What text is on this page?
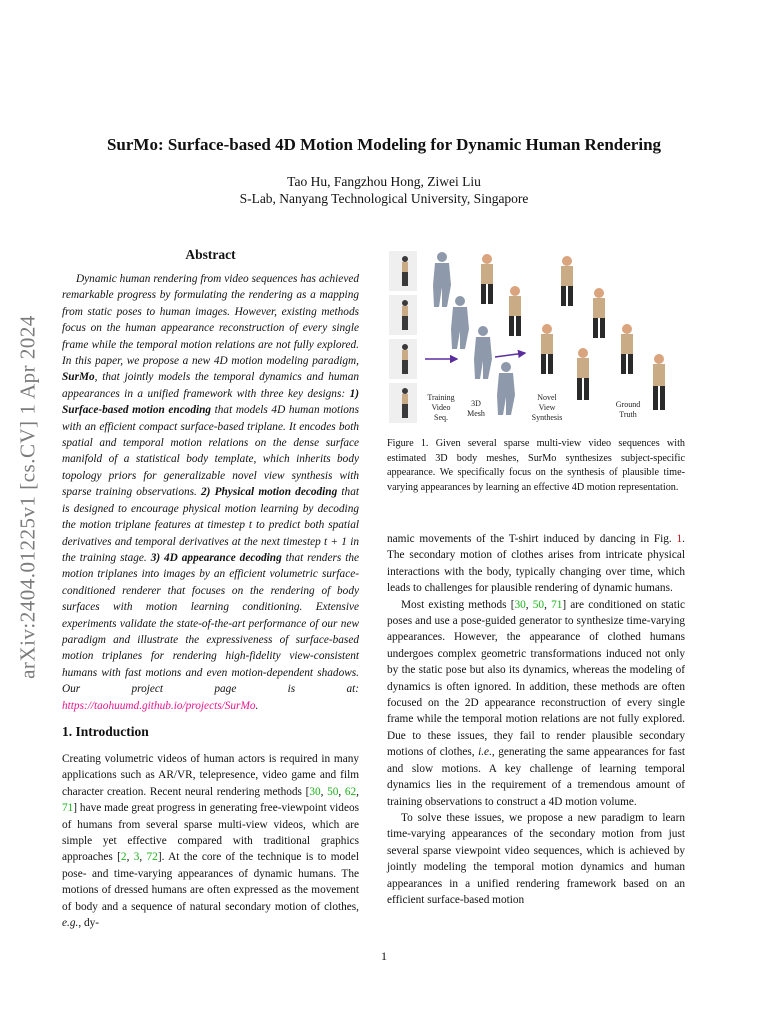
arXiv:2404.01225v1 [cs.CV] 1 Apr 2024
SurMo: Surface-based 4D Motion Modeling for Dynamic Human Rendering
Tao Hu, Fangzhou Hong, Ziwei Liu
S-Lab, Nanyang Technological University, Singapore
Abstract
Dynamic human rendering from video sequences has achieved remarkable progress by formulating the rendering as a mapping from static poses to human images. However, existing methods focus on the human appearance reconstruction of every single frame while the temporal motion relations are not fully explored. In this paper, we propose a new 4D motion modeling paradigm, SurMo, that jointly models the temporal dynamics and human appearances in a unified framework with three key designs: 1) Surface-based motion encoding that models 4D human motions with an efficient compact surface-based triplane. It encodes both spatial and temporal motion relations on the dense surface manifold of a statistical body template, which inherits body topology priors for generalizable novel view synthesis with sparse training observations. 2) Physical motion decoding that is designed to encourage physical motion learning by decoding the motion triplane features at timestep t to predict both spatial derivatives and temporal derivatives at the next timestep t + 1 in the training stage. 3) 4D appearance decoding that renders the motion triplanes into images by an efficient volumetric surface-conditioned renderer that focuses on the rendering of body surfaces with motion learning conditioning. Extensive experiments validate the state-of-the-art performance of our new paradigm and illustrate the expressiveness of surface-based motion triplanes for rendering high-fidelity view-consistent humans with fast motions and even motion-dependent shadows. Our project page is at: https://taohuumd.github.io/projects/SurMo.
1. Introduction
Creating volumetric videos of human actors is required in many applications such as AR/VR, telepresence, video game and film character creation. Recent neural rendering methods [30, 50, 62, 71] have made great progress in generating free-viewpoint videos of humans from several sparse multi-view videos, which are simple yet effective compared with traditional graphics approaches [2, 3, 72]. At the core of the technique is to model pose- and time-varying appearances of dynamic humans. The motions of dressed humans are often expressed as the movement of body and a sequence of natural secondary motion of clothes, e.g., dy-
Training Video Seq.
3D Mesh
Novel View Synthesis
Ground Truth
Figure 1. Given several sparse multi-view video sequences with estimated 3D body meshes, SurMo synthesizes subject-specific appearance. We specifically focus on the synthesis of plausible time-varying appearances by learning an effective 4D motion representation.

namic movements of the T-shirt induced by dancing in Fig. 1. The secondary motion of clothes arises from intricate physical interactions with the body, typically changing over time, which leads to challenges for plausible rendering of dynamic humans.

Most existing methods [30, 50, 71] are conditioned on static poses and use a pose-guided generator to synthesize time-varying appearances. However, the appearance of clothed humans undergoes complex geometric transformations induced not only by the static pose but also its dynamics, whereas the modeling of dynamics is often ignored. In addition, these methods are often focused on the 2D appearance reconstruction of every single frame while the temporal motion relations are not fully explored. Due to these issues, they fail to render plausible secondary motions of clothes, i.e., generating the same appearances for fast and slow motions. A key challenge of learning temporal dynamics lies in the requirement of a tremendous amount of training observations to construct a 4D motion volume.

To solve these issues, we propose a new paradigm to learn time-varying appearances of the secondary motion from just several sparse viewpoint video sequences, which is achieved by jointly modeling the temporal motion dynamics and human appearances in a unified rendering framework based on an efficient surface-based motion

1
